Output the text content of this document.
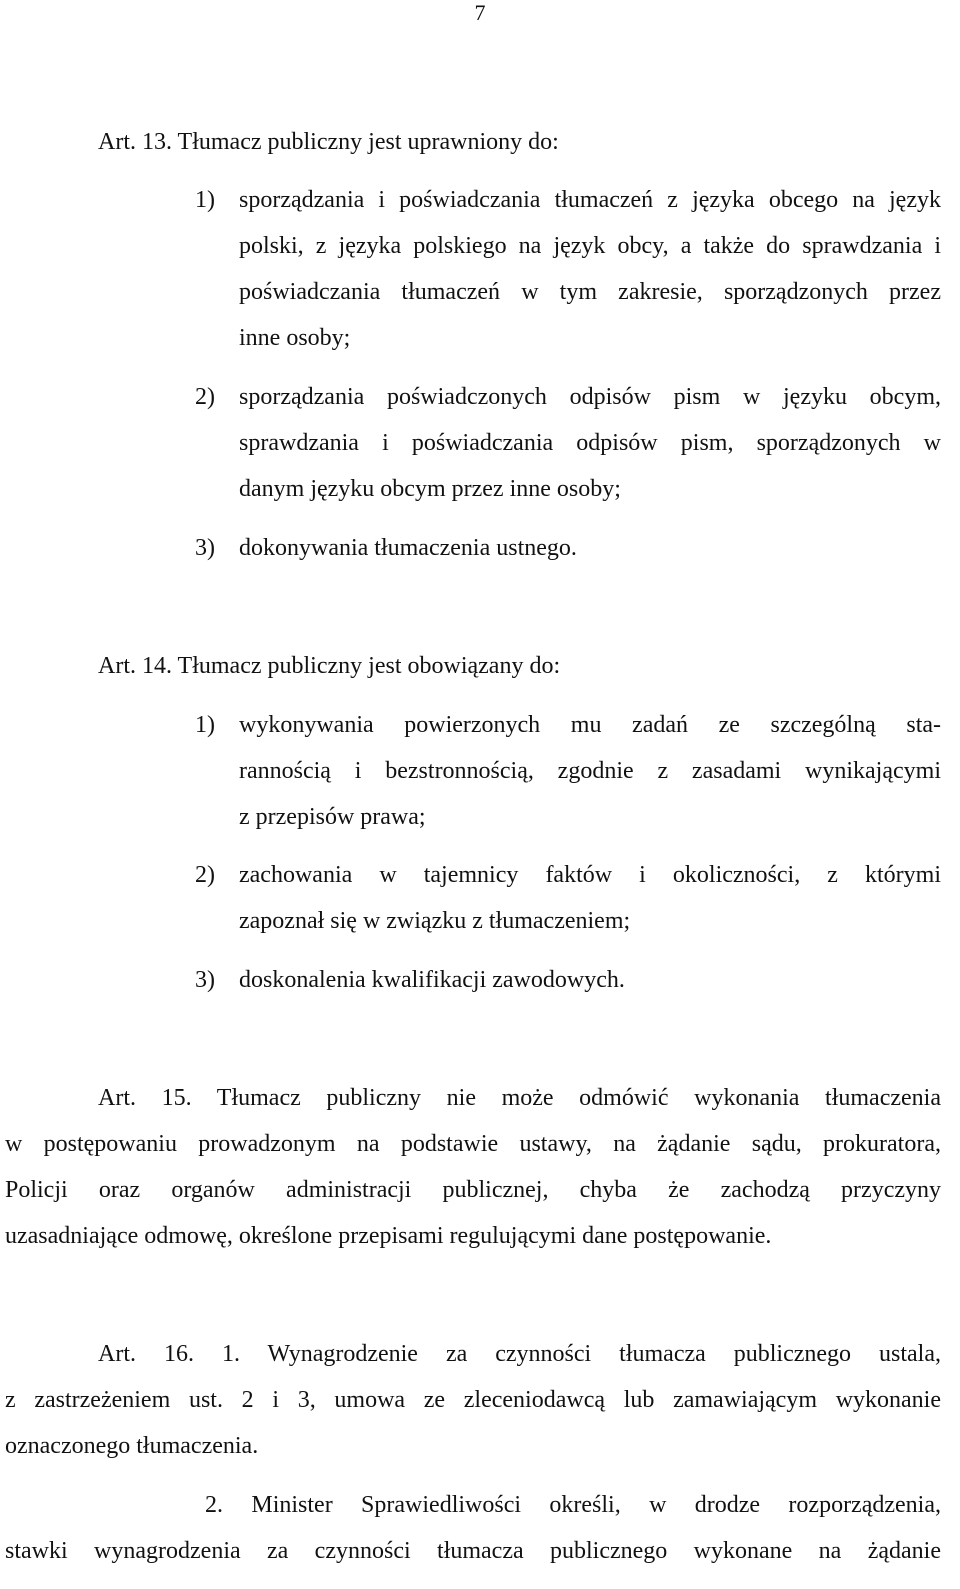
7
Art. 13. Tłumacz publiczny jest uprawniony do:
1) sporządzania i poświadczania tłumaczeń z języka obcego na język
polski, z języka polskiego na język obcy, a także do sprawdzania i
poświadczania tłumaczeń w tym zakresie, sporządzonych przez
inne osoby;
2) sporządzania poświadczonych odpisów pism w języku obcym,
sprawdzania i poświadczania odpisów pism, sporządzonych w
danym języku obcym przez inne osoby;
3) dokonywania tłumaczenia ustnego.
Art. 14. Tłumacz publiczny jest obowiązany do:
1) wykonywania powierzonych mu zadań ze szczególną sta-
rannością i bezstronnością, zgodnie z zasadami wynikającymi
z przepisów prawa;
2) zachowania w tajemnicy faktów i okoliczności, z którymi
zapoznał się w związku z tłumaczeniem;
3) doskonalenia kwalifikacji zawodowych.
Art. 15. Tłumacz publiczny nie może odmówić wykonania tłumaczenia
w postępowaniu prowadzonym na podstawie ustawy, na żądanie sądu, prokuratora,
Policji oraz organów administracji publicznej, chyba że zachodzą przyczyny
uzasadniające odmowę, określone przepisami regulującymi dane postępowanie.
Art. 16. 1. Wynagrodzenie za czynności tłumacza publicznego ustala,
z zastrzeżeniem ust. 2 i 3, umowa ze zleceniodawcą lub zamawiającym wykonanie
oznaczonego tłumaczenia.
2. Minister Sprawiedliwości określi, w drodze rozporządzenia,
stawki wynagrodzenia za czynności tłumacza publicznego wykonane na żądanie
